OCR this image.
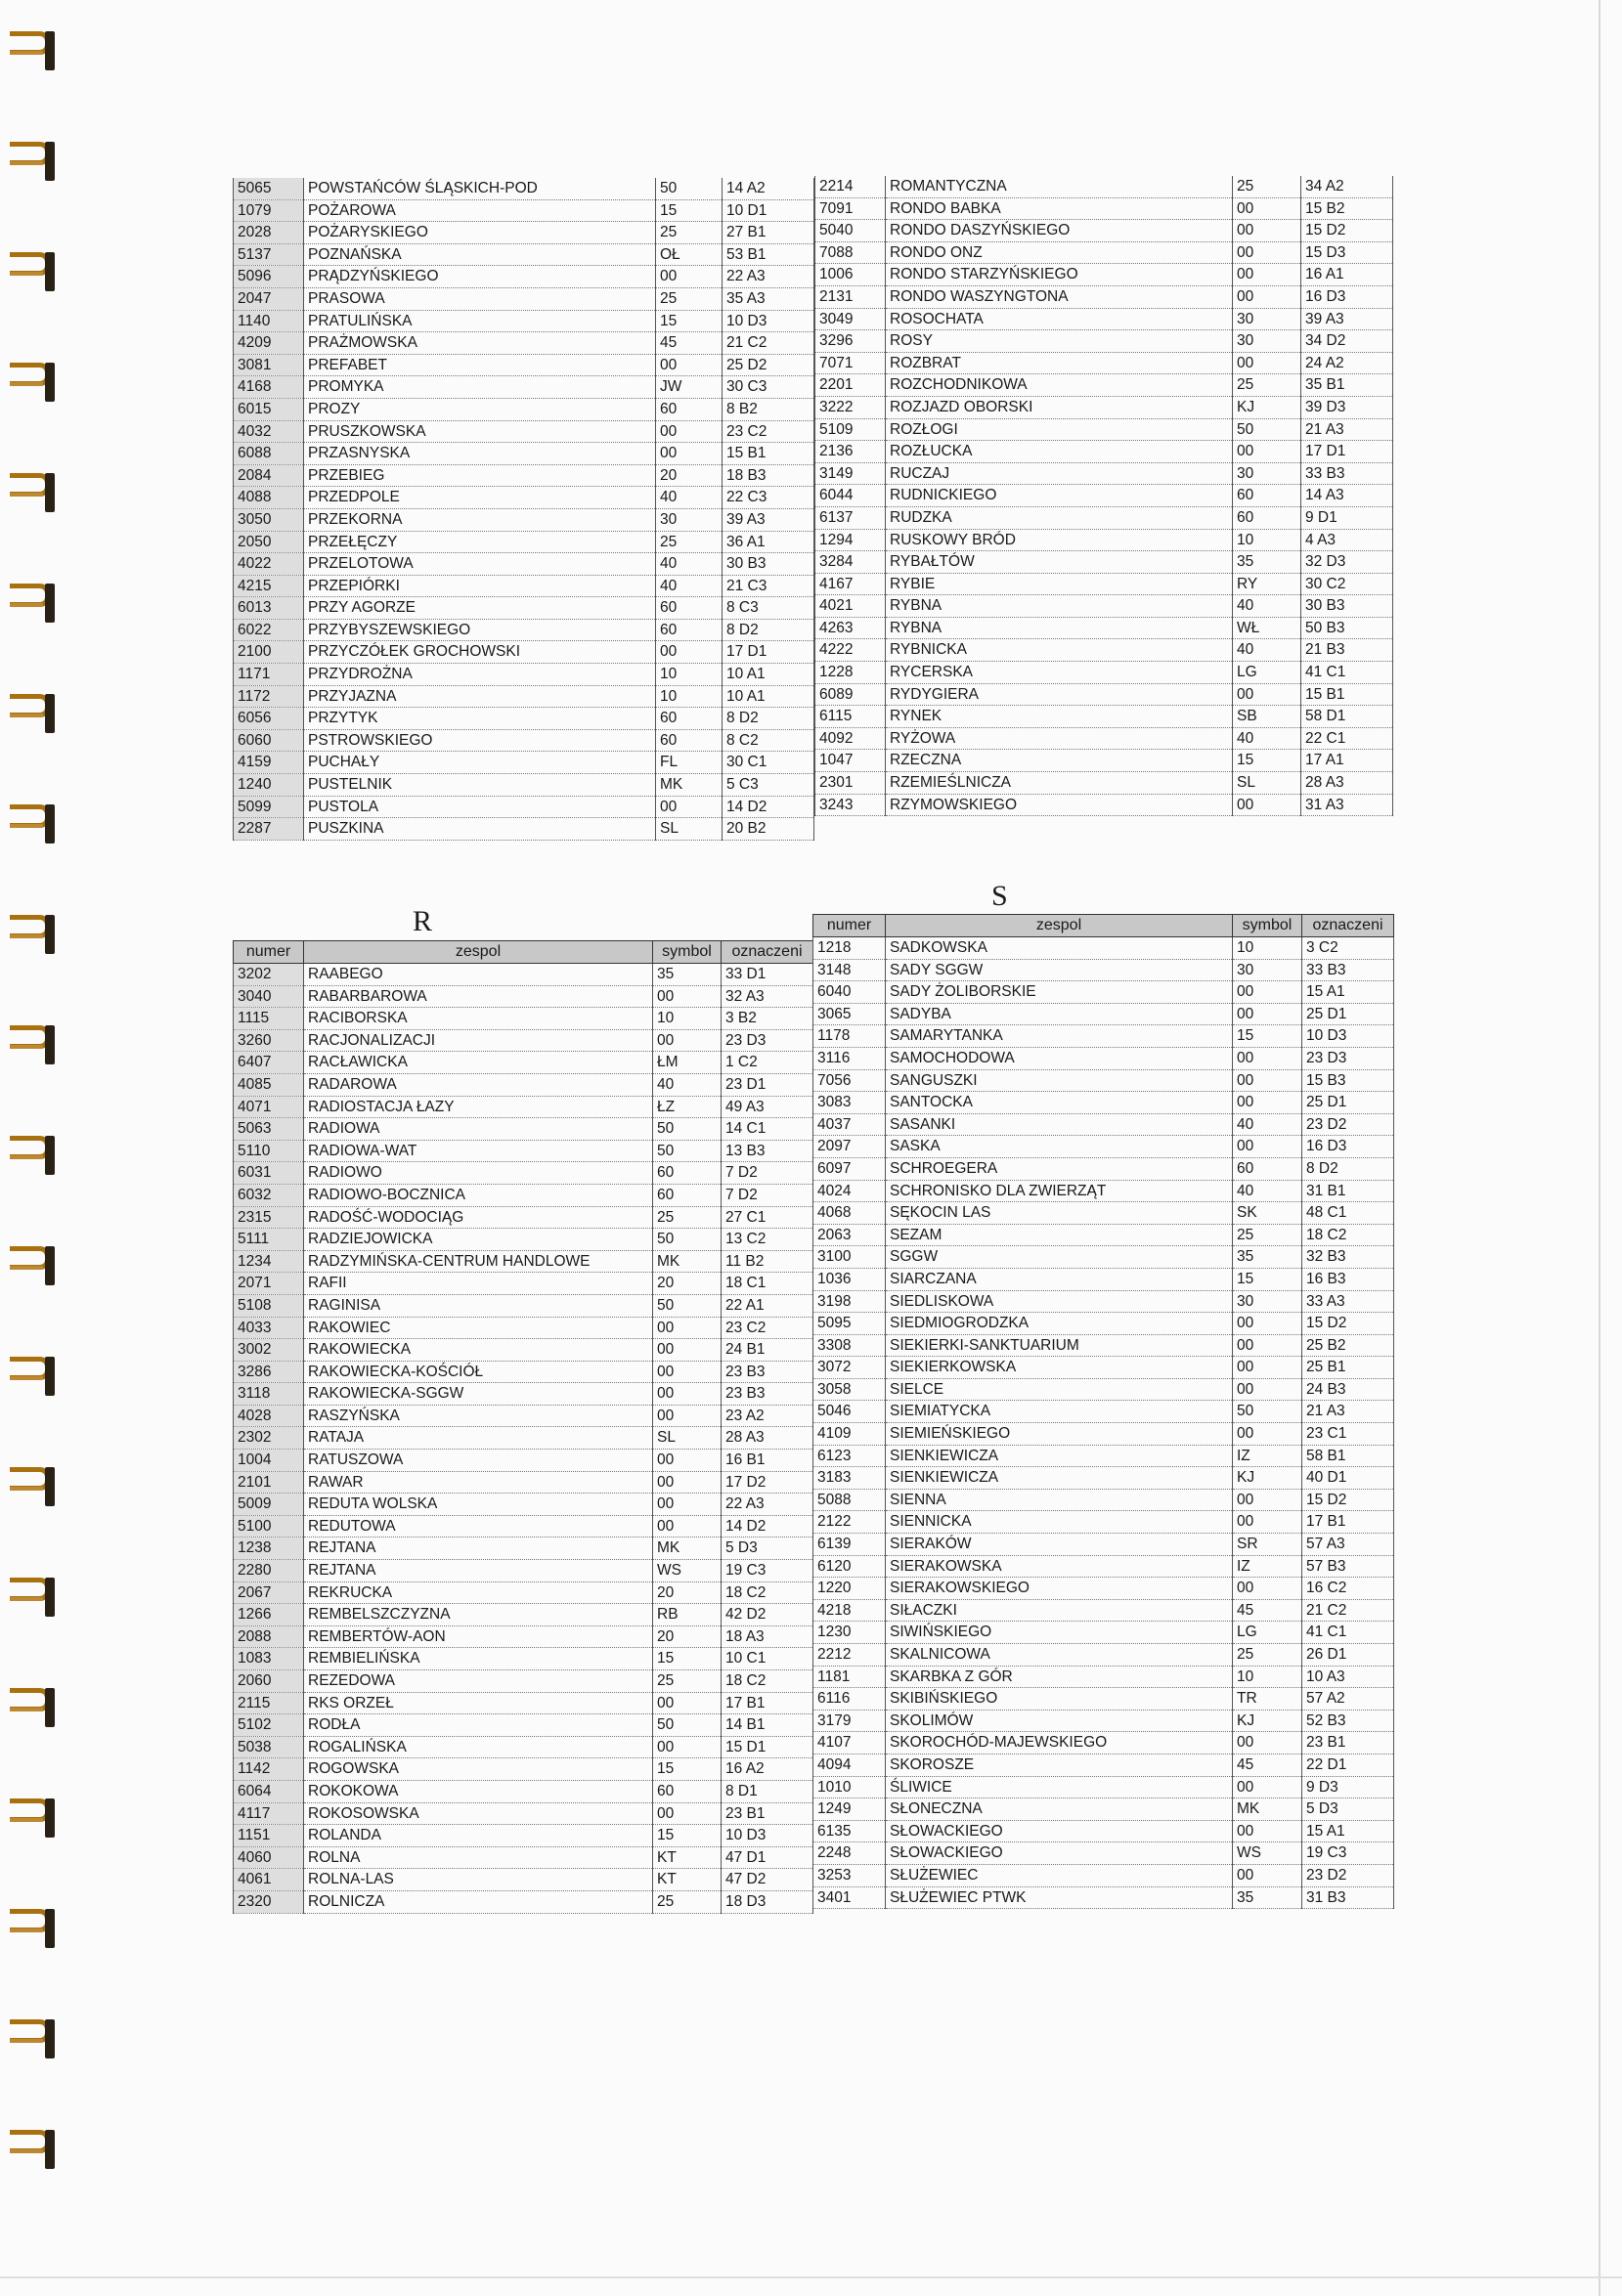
5065	POWSTAŃCÓW ŚLĄSKICH-POD	50	14 A2
1079	POŻAROWA	15	10 D1
2028	POŻARYSKIEGO	25	27 B1
5137	POZNAŃSKA	OŁ	53 B1
5096	PRĄDZYŃSKIEGO	00	22 A3
2047	PRASOWA	25	35 A3
1140	PRATULIŃSKA	15	10 D3
4209	PRAŻMOWSKA	45	21 C2
3081	PREFABET	00	25 D2
4168	PROMYKA	JW	30 C3
6015	PROZY	60	8 B2
4032	PRUSZKOWSKA	00	23 C2
6088	PRZASNYSKA	00	15 B1
2084	PRZEBIEG	20	18 B3
4088	PRZEDPOLE	40	22 C3
3050	PRZEKORNA	30	39 A3
2050	PRZEŁĘCZY	25	36 A1
4022	PRZELOTOWA	40	30 B3
4215	PRZEPIÓRKI	40	21 C3
6013	PRZY AGORZE	60	8 C3
6022	PRZYBYSZEWSKIEGO	60	8 D2
2100	PRZYCZÓŁEK GROCHOWSKI	00	17 D1
1171	PRZYDROŻNA	10	10 A1
1172	PRZYJAZNA	10	10 A1
6056	PRZYTYK	60	8 D2
6060	PSTROWSKIEGO	60	8 C2
4159	PUCHAŁY	FL	30 C1
1240	PUSTELNIK	MK	5 C3
5099	PUSTOLA	00	14 D2
2287	PUSZKINA	SL	20 B2
2214	ROMANTYCZNA	25	34 A2
7091	RONDO BABKA	00	15 B2
5040	RONDO DASZYŃSKIEGO	00	15 D2
7088	RONDO ONZ	00	15 D3
1006	RONDO STARZYŃSKIEGO	00	16 A1
2131	RONDO WASZYNGTONA	00	16 D3
3049	ROSOCHATA	30	39 A3
3296	ROSY	30	34 D2
7071	ROZBRAT	00	24 A2
2201	ROZCHODNIKOWA	25	35 B1
3222	ROZJAZD OBORSKI	KJ	39 D3
5109	ROZŁOGI	50	21 A3
2136	ROZŁUCKA	00	17 D1
3149	RUCZAJ	30	33 B3
6044	RUDNICKIEGO	60	14 A3
6137	RUDZKA	60	9 D1
1294	RUSKOWY BRÓD	10	4 A3
3284	RYBAŁTÓW	35	32 D3
4167	RYBIE	RY	30 C2
4021	RYBNA	40	30 B3
4263	RYBNA	WŁ	50 B3
4222	RYBNICKA	40	21 B3
1228	RYCERSKA	LG	41 C1
6089	RYDYGIERA	00	15 B1
6115	RYNEK	SB	58 D1
4092	RYŻOWA	40	22 C1
1047	RZECZNA	15	17 A1
2301	RZEMIEŚLNICZA	SL	28 A3
3243	RZYMOWSKIEGO	00	31 A3
R
S
numer	zespol	symbol	oznaczeni
3202	RAABEGO	35	33 D1
3040	RABARBAROWA	00	32 A3
1115	RACIBORSKA	10	3 B2
3260	RACJONALIZACJI	00	23 D3
6407	RACŁAWICKA	ŁM	1 C2
4085	RADAROWA	40	23 D1
4071	RADIOSTACJA ŁAZY	ŁZ	49 A3
5063	RADIOWA	50	14 C1
5110	RADIOWA-WAT	50	13 B3
6031	RADIOWO	60	7 D2
6032	RADIOWO-BOCZNICA	60	7 D2
2315	RADOŚĆ-WODOCIĄG	25	27 C1
5111	RADZIEJOWICKA	50	13 C2
1234	RADZYMIŃSKA-CENTRUM HANDLOWE	MK	11 B2
2071	RAFII	20	18 C1
5108	RAGINISA	50	22 A1
4033	RAKOWIEC	00	23 C2
3002	RAKOWIECKA	00	24 B1
3286	RAKOWIECKA-KOŚCIÓŁ	00	23 B3
3118	RAKOWIECKA-SGGW	00	23 B3
4028	RASZYŃSKA	00	23 A2
2302	RATAJA	SL	28 A3
1004	RATUSZOWA	00	16 B1
2101	RAWAR	00	17 D2
5009	REDUTA WOLSKA	00	22 A3
5100	REDUTOWA	00	14 D2
1238	REJTANA	MK	5 D3
2280	REJTANA	WS	19 C3
2067	REKRUCKA	20	18 C2
1266	REMBELSZCZYZNA	RB	42 D2
2088	REMBERTÓW-AON	20	18 A3
1083	REMBIELIŃSKA	15	10 C1
2060	REZEDOWA	25	18 C2
2115	RKS ORZEŁ	00	17 B1
5102	RODŁA	50	14 B1
5038	ROGALIŃSKA	00	15 D1
1142	ROGOWSKA	15	16 A2
6064	ROKOKOWA	60	8 D1
4117	ROKOSOWSKA	00	23 B1
1151	ROLANDA	15	10 D3
4060	ROLNA	KT	47 D1
4061	ROLNA-LAS	KT	47 D2
2320	ROLNICZA	25	18 D3
numer	zespol	symbol	oznaczeni
1218	SADKOWSKA	10	3 C2
3148	SADY SGGW	30	33 B3
6040	SADY ŻOLIBORSKIE	00	15 A1
3065	SADYBA	00	25 D1
1178	SAMARYTANKA	15	10 D3
3116	SAMOCHODOWA	00	23 D3
7056	SANGUSZKI	00	15 B3
3083	SANTOCKA	00	25 D1
4037	SASANKI	40	23 D2
2097	SASKA	00	16 D3
6097	SCHROEGERA	60	8 D2
4024	SCHRONISKO DLA ZWIERZĄT	40	31 B1
4068	SĘKOCIN LAS	SK	48 C1
2063	SEZAM	25	18 C2
3100	SGGW	35	32 B3
1036	SIARCZANA	15	16 B3
3198	SIEDLISKOWA	30	33 A3
5095	SIEDMIOGRODZKA	00	15 D2
3308	SIEKIERKI-SANKTUARIUM	00	25 B2
3072	SIEKIERKOWSKA	00	25 B1
3058	SIELCE	00	24 B3
5046	SIEMIATYCKA	50	21 A3
4109	SIEMIEŃSKIEGO	00	23 C1
6123	SIENKIEWICZA	IZ	58 B1
3183	SIENKIEWICZA	KJ	40 D1
5088	SIENNA	00	15 D2
2122	SIENNICKA	00	17 B1
6139	SIERAKÓW	SR	57 A3
6120	SIERAKOWSKA	IZ	57 B3
1220	SIERAKOWSKIEGO	00	16 C2
4218	SIŁACZKI	45	21 C2
1230	SIWIŃSKIEGO	LG	41 C1
2212	SKALNICOWA	25	26 D1
1181	SKARBKA Z GÓR	10	10 A3
6116	SKIBIŃSKIEGO	TR	57 A2
3179	SKOLIMÓW	KJ	52 B3
4107	SKOROCHÓD-MAJEWSKIEGO	00	23 B1
4094	SKOROSZE	45	22 D1
1010	ŚLIWICE	00	9 D3
1249	SŁONECZNA	MK	5 D3
6135	SŁOWACKIEGO	00	15 A1
2248	SŁOWACKIEGO	WS	19 C3
3253	SŁUŻEWIEC	00	23 D2
3401	SŁUŻEWIEC PTWK	35	31 B3
